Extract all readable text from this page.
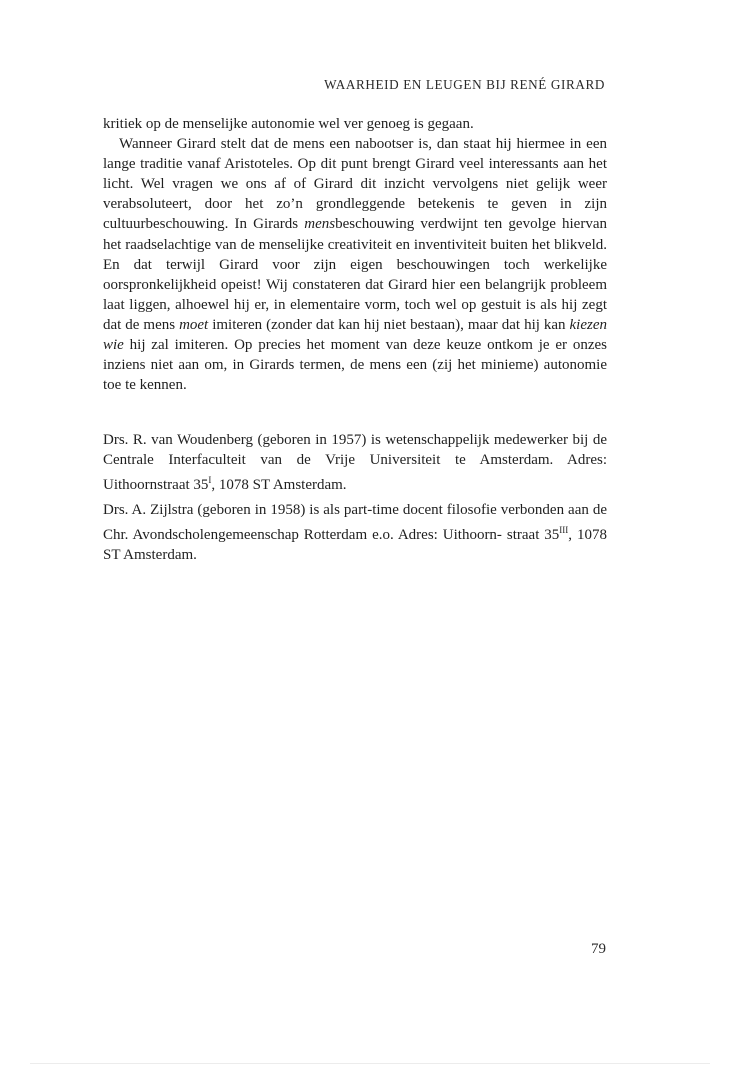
WAARHEID EN LEUGEN BIJ RENÉ GIRARD

kritiek op de menselijke autonomie wel ver genoeg is gegaan.

Wanneer Girard stelt dat de mens een nabootser is, dan staat hij hiermee in een lange traditie vanaf Aristoteles. Op dit punt brengt Girard veel interessants aan het licht. Wel vragen we ons af of Girard dit inzicht vervolgens niet gelijk weer verabsoluteert, door het zo’n grondleggende betekenis te geven in zijn cultuurbeschouwing. In Girards mensbeschouwing verdwijnt ten gevolge hiervan het raadselachtige van de menselijke creativiteit en inventiviteit buiten het blikveld. En dat terwijl Girard voor zijn eigen beschouwingen toch werkelijke oorspronkelijkheid opeist! Wij constateren dat Girard hier een belangrijk probleem laat liggen, alhoewel hij er, in elementaire vorm, toch wel op gestuit is als hij zegt dat de mens moet imiteren (zonder dat kan hij niet bestaan), maar dat hij kan kiezen wie hij zal imiteren. Op precies het moment van deze keuze ontkom je er onzes inziens niet aan om, in Girards termen, de mens een (zij het minieme) autonomie toe te kennen.

Drs. R. van Woudenberg (geboren in 1957) is wetenschappelijk medewerker bij de Centrale Interfaculteit van de Vrije Universiteit te Amsterdam. Adres: Uithoornstraat $35^I$, 1078 ST Amsterdam.

Drs. A. Zijlstra (geboren in 1958) is als part-time docent filosofie verbonden aan de Chr. Avondscholengemeenschap Rotterdam e.o. Adres: Uithoorn- straat $35^{III}$, 1078 ST Amsterdam.

79
